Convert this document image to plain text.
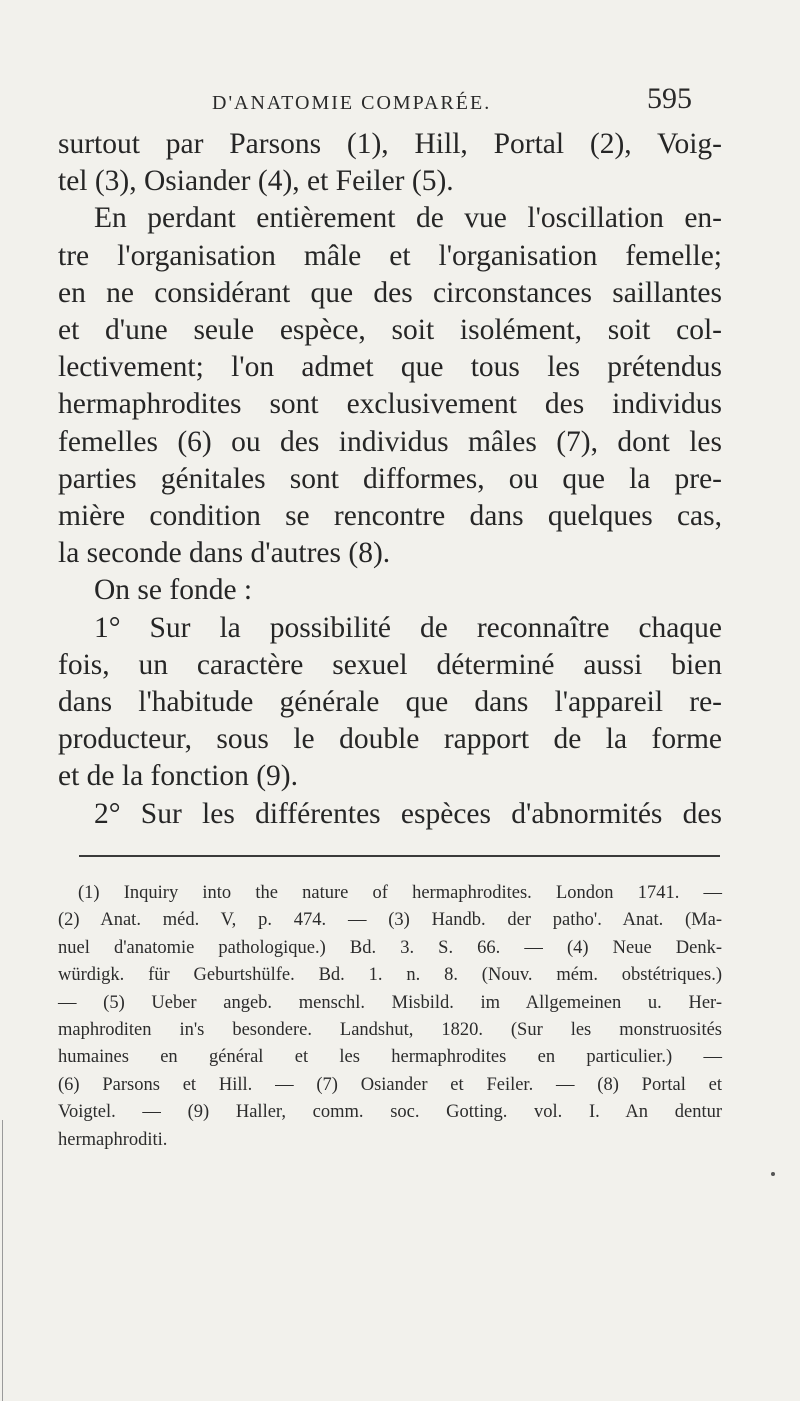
D'ANATOMIE COMPARÉE.	595
surtout par Parsons (1), Hill, Portal (2), Voig-
tel (3), Osiander (4), et Feiler (5).
En perdant entièrement de vue l'oscillation en-
tre l'organisation mâle et l'organisation femelle;
en ne considérant que des circonstances saillantes
et d'une seule espèce, soit isolément, soit col-
lectivement; l'on admet que tous les prétendus
hermaphrodites sont exclusivement des individus
femelles (6) ou des individus mâles (7), dont les
parties génitales sont difformes, ou que la pre-
mière condition se rencontre dans quelques cas,
la seconde dans d'autres (8).
On se fonde :
1° Sur la possibilité de reconnaître chaque
fois, un caractère sexuel déterminé aussi bien
dans l'habitude générale que dans l'appareil re-
producteur, sous le double rapport de la forme
et de la fonction (9).
2° Sur les différentes espèces d'abnormités des
(1) Inquiry into the nature of hermaphrodites. London 1741. —
(2) Anat. méd. V, p. 474. — (3) Handb. der patho'. Anat. (Ma-
nuel d'anatomie pathologique.) Bd. 3. S. 66. — (4) Neue Denk-
würdigk. für Geburtshülfe. Bd. 1. n. 8. (Nouv. mém. obstétriques.)
— (5) Ueber angeb. menschl. Misbild. im Allgemeinen u. Her-
maphroditen in's besondere. Landshut, 1820. (Sur les monstruosités
humaines en général et les hermaphrodites en particulier.) —
(6) Parsons et Hill. — (7) Osiander et Feiler. — (8) Portal et
Voigtel. — (9) Haller, comm. soc. Gotting. vol. I. An dentur
hermaphroditi.
